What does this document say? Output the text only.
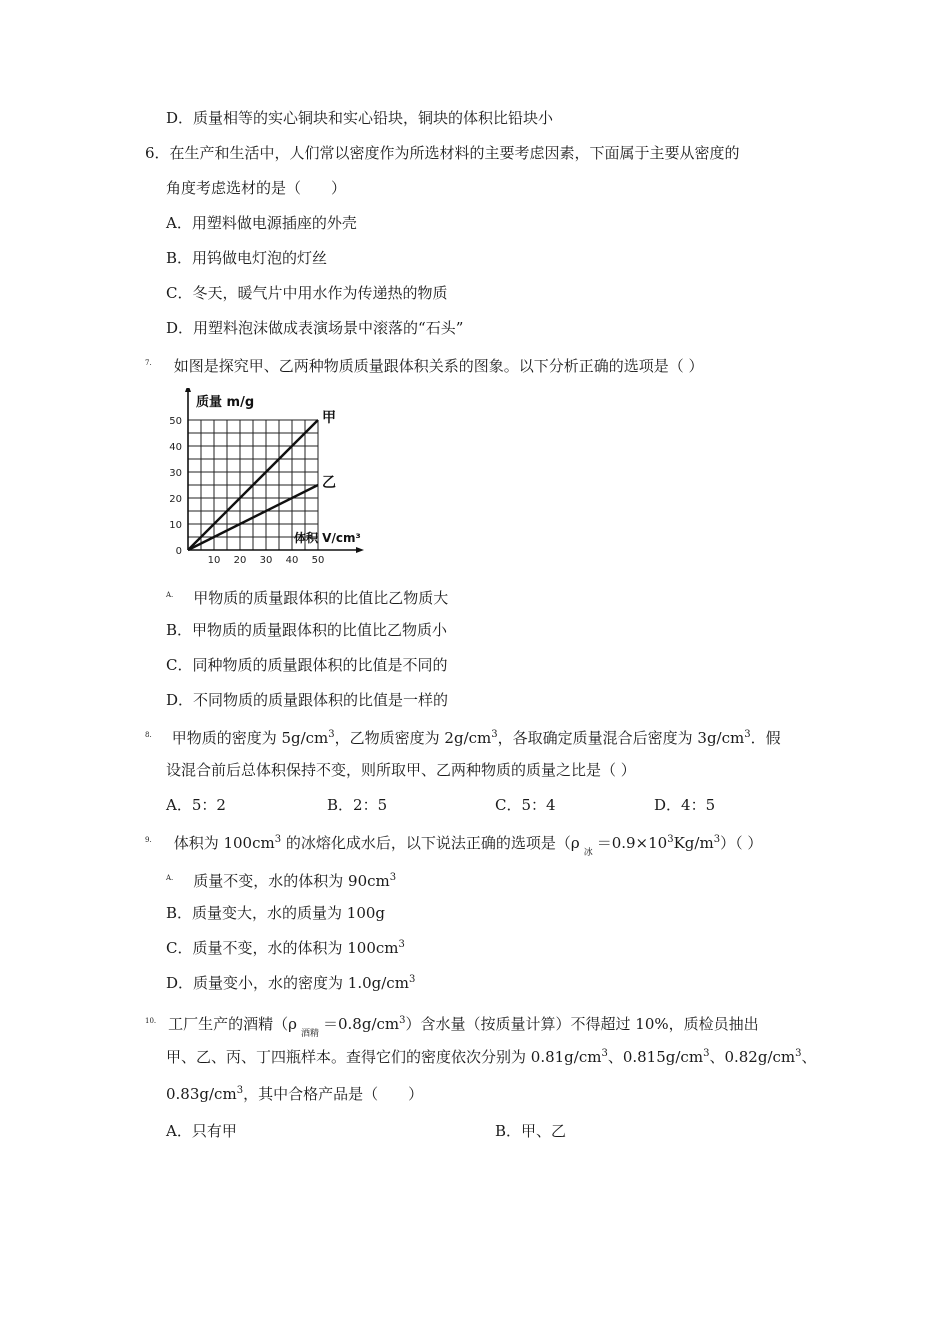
D．质量相等的实心铜块和实心铅块，铜块的体积比铅块小
6．在生产和生活中，人们常以密度作为所选材料的主要考虑因素，下面属于主要从密度的
角度考虑选材的是（　　）
A．用塑料做电源插座的外壳
B．用钨做电灯泡的灯丝
C．冬天，暖气片中用水作为传递热的物质
D．用塑料泡沫做成表演场景中滚落的“石头”
$^{7.}$ 如图是探究甲、乙两种物质质量跟体积关系的图象。以下分析正确的选项是（ ）
10 20 30 40 50
0
10
20
30
40
50
质量 m/g
体积 V/cm³
甲
乙
$^{A.}$ 甲物质的质量跟体积的比值比乙物质大
B．甲物质的质量跟体积的比值比乙物质小
C．同种物质的质量跟体积的比值是不同的
D．不同物质的质量跟体积的比值是一样的
$^{8.}$ 甲物质的密度为 $5g/cm^3$，乙物质密度为 $2g/cm^3$，各取确定质量混合后密度为 $3g/cm^3$．假
设混合前后总体积保持不变，则所取甲、乙两种物质的质量之比是（ ）
A．5：2	B．2：5	C．5：4	D．4：5
$^{9.}$ 体积为 $100cm^3$ 的冰熔化成水后，以下说法正确的选项是$(\rho_冰=0.9\times 10^3Kg/m^3)$（ ）
$^{A.}$ 质量不变，水的体积为 $90cm^3$
B．质量变大，水的质量为 100g
C．质量不变，水的体积为 $100cm^3$
D．质量变小，水的密度为 $1.0g/cm^3$
$^{10.}$ 工厂生产的酒精$(\rho_{酒精}=0.8g/cm^3)$含水量（按质量计算）不得超过 10%，质检员抽出
甲、乙、丙、丁四瓶样本。查得它们的密度依次分别为 $0.81g/cm^3$、$0.815g/cm^3$、$0.82g/cm^3$、
$0.83g/cm^3$，其中合格产品是（　　）
A．只有甲	B．甲、乙
